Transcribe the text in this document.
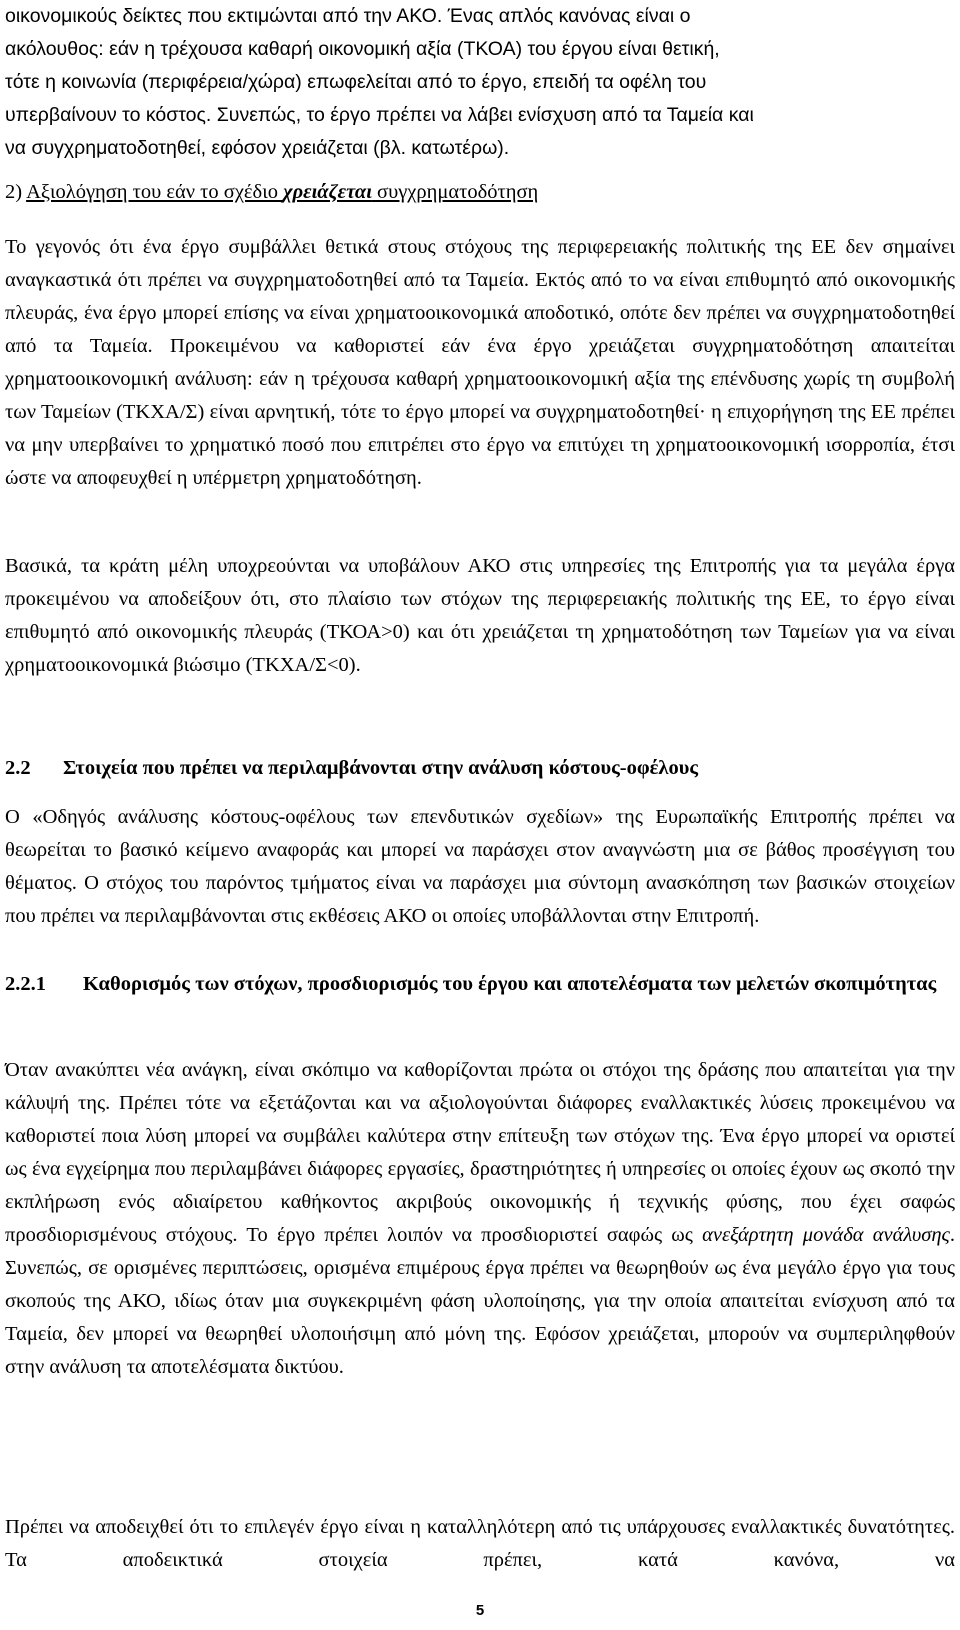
οικονομικούς δείκτες που εκτιμώνται από την ΑΚΟ. Ένας απλός κανόνας είναι ο
ακόλουθος: εάν η τρέχουσα καθαρή οικονομική αξία (ΤΚΟΑ) του έργου είναι θετική,
τότε η κοινωνία (περιφέρεια/χώρα) επωφελείται από το έργο, επειδή τα οφέλη του
υπερβαίνουν το κόστος. Συνεπώς, το έργο πρέπει να λάβει ενίσχυση από τα Ταμεία και
να συγχρηματοδοτηθεί, εφόσον χρειάζεται (βλ. κατωτέρω).

2) Αξιολόγηση του εάν το σχέδιο χρειάζεται συγχρηματοδότηση

Το γεγονός ότι ένα έργο συμβάλλει θετικά στους στόχους της περιφερειακής πολιτικής της ΕΕ δεν σημαίνει αναγκαστικά ότι πρέπει να συγχρηματοδοτηθεί από τα Ταμεία. Εκτός από το να είναι επιθυμητό από οικονομικής πλευράς, ένα έργο μπορεί επίσης να είναι χρηματοοικονομικά αποδοτικό, οπότε δεν πρέπει να συγχρηματοδοτηθεί από τα Ταμεία. Προκειμένου να καθοριστεί εάν ένα έργο χρειάζεται συγχρηματοδότηση απαιτείται χρηματοοικονομική ανάλυση: εάν η τρέχουσα καθαρή χρηματοοικονομική αξία της επένδυσης χωρίς τη συμβολή των Ταμείων (ΤΚΧΑ/Σ) είναι αρνητική, τότε το έργο μπορεί να συγχρηματοδοτηθεί· η επιχορήγηση της ΕΕ πρέπει να μην υπερβαίνει το χρηματικό ποσό που επιτρέπει στο έργο να επιτύχει τη χρηματοοικονομική ισορροπία, έτσι ώστε να αποφευχθεί η υπέρμετρη χρηματοδότηση.

Βασικά, τα κράτη μέλη υποχρεούνται να υποβάλουν ΑΚΟ στις υπηρεσίες της Επιτροπής για τα μεγάλα έργα προκειμένου να αποδείξουν ότι, στο πλαίσιο των στόχων της περιφερειακής πολιτικής της ΕΕ, το έργο είναι επιθυμητό από οικονομικής πλευράς (ΤΚΟΑ>0) και ότι χρειάζεται τη χρηματοδότηση των Ταμείων για να είναι χρηματοοικονομικά βιώσιμο (ΤΚΧΑ/Σ<0).

2.2 Στοιχεία που πρέπει να περιλαμβάνονται στην ανάλυση κόστους-οφέλους

Ο «Οδηγός ανάλυσης κόστους-οφέλους των επενδυτικών σχεδίων» της Ευρωπαϊκής Επιτροπής πρέπει να θεωρείται το βασικό κείμενο αναφοράς και μπορεί να παράσχει στον αναγνώστη μια σε βάθος προσέγγιση του θέματος. Ο στόχος του παρόντος τμήματος είναι να παράσχει μια σύντομη ανασκόπηση των βασικών στοιχείων που πρέπει να περιλαμβάνονται στις εκθέσεις ΑΚΟ οι οποίες υποβάλλονται στην Επιτροπή.

2.2.1 Καθορισμός των στόχων, προσδιορισμός του έργου και αποτελέσματα των μελετών σκοπιμότητας

Όταν ανακύπτει νέα ανάγκη, είναι σκόπιμο να καθορίζονται πρώτα οι στόχοι της δράσης που απαιτείται για την κάλυψή της. Πρέπει τότε να εξετάζονται και να αξιολογούνται διάφορες εναλλακτικές λύσεις προκειμένου να καθοριστεί ποια λύση μπορεί να συμβάλει καλύτερα στην επίτευξη των στόχων της. Ένα έργο μπορεί να οριστεί ως ένα εγχείρημα που περιλαμβάνει διάφορες εργασίες, δραστηριότητες ή υπηρεσίες οι οποίες έχουν ως σκοπό την εκπλήρωση ενός αδιαίρετου καθήκοντος ακριβούς οικονομικής ή τεχνικής φύσης, που έχει σαφώς προσδιορισμένους στόχους. Το έργο πρέπει λοιπόν να προσδιοριστεί σαφώς ως ανεξάρτητη μονάδα ανάλυσης. Συνεπώς, σε ορισμένες περιπτώσεις, ορισμένα επιμέρους έργα πρέπει να θεωρηθούν ως ένα μεγάλο έργο για τους σκοπούς της ΑΚΟ, ιδίως όταν μια συγκεκριμένη φάση υλοποίησης, για την οποία απαιτείται ενίσχυση από τα Ταμεία, δεν μπορεί να θεωρηθεί υλοποιήσιμη από μόνη της. Εφόσον χρειάζεται, μπορούν να συμπεριληφθούν στην ανάλυση τα αποτελέσματα δικτύου.

Πρέπει να αποδειχθεί ότι το επιλεγέν έργο είναι η καταλληλότερη από τις υπάρχουσες εναλλακτικές δυνατότητες. Τα αποδεικτικά στοιχεία πρέπει, κατά κανόνα, να

5
